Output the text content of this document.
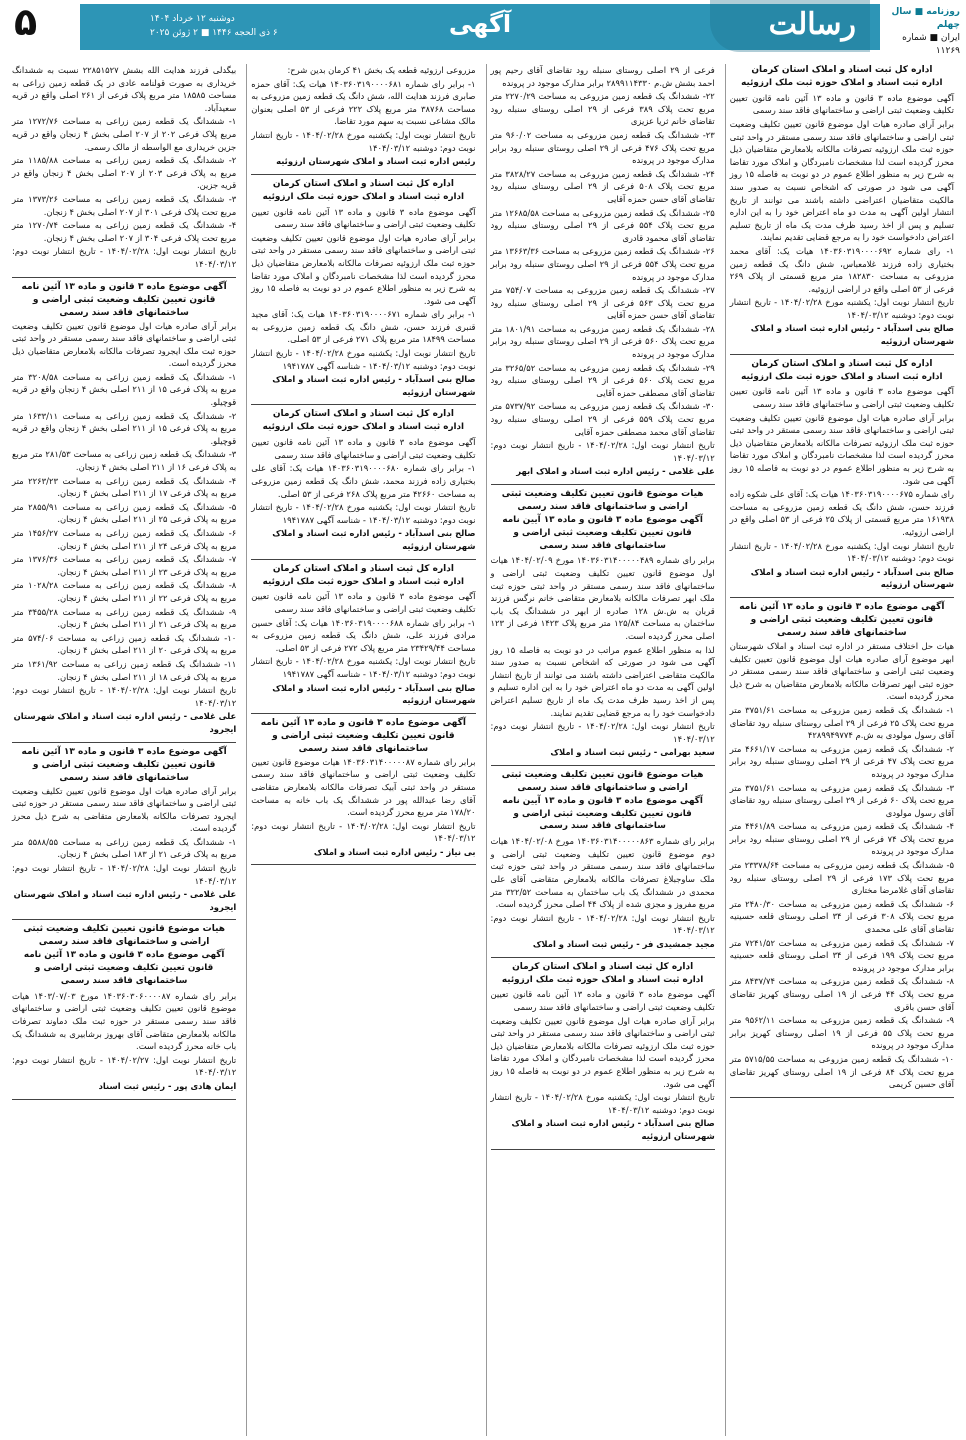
روزنامه ■ سال چهلم
ایران ■ شماره ۱۱۲۶۹
رسالت
آگهی
دوشنبه ۱۲ خرداد ۱۴۰۴
۶ ذی الحجه ۱۴۴۶ ■ ۲ ژوئن ۲۰۲۵
۵
اداره کل ثبت اسناد و املاک استان کرمان
اداره ثبت اسناد و املاک حوزه ثبت ملک ارزوئیه

آگهی موضوع ماده ۳ قانون و ماده ۱۳ آئین نامه قانون تعیین تکلیف وضعیت ثبتی اراضی و ساختمانهای فاقد سند رسمی

برابر آرای صادره هیات اول موضوع قانون تعیین تکلیف وضعیت ثبتی اراضی و ساختمانهای فاقد سند رسمی مستقر در واحد ثبتی حوزه ثبت ملک ارزوئیه تصرفات مالکانه بلامعارض متقاضیان ذیل محرز گردیده است لذا مشخصات نامبردگان و املاک مورد تقاضا به شرح زیر به منظور اطلاع عموم در دو نوبت به فاصله ۱۵ روز آگهی می شود در صورتی که اشخاص نسبت به صدور سند مالکیت متقاضیان اعتراضی داشته باشند می توانند از تاریخ انتشار اولین آگهی به مدت دو ماه اعتراض خود را به این اداره تسلیم و پس از اخذ رسید ظرف مدت یک ماه از تاریخ تسلیم اعتراض دادخواست خود را به مرجع قضایی تقدیم نمایند.

۱- رای شماره ۱۴۰۳۶۰۳۱۹۰۰۰۰۶۹۲ هیات یک: آقای محمد بختیاری زاده فرزند غلامعباس، شش دانگ یک قطعه زمین مزروعی به مساحت ۱۸۲۸۳۰ متر مربع قسمتی از پلاک ۲۶۹ فرعی از ۵۳ اصلی واقع در اراضی ارزوئیه.

تاریخ انتشار نوبت اول: یکشنبه مورخ ۱۴۰۴/۰۲/۲۸ - تاریخ انتشار نوبت دوم: دوشنبه ۱۴۰۴/۰۳/۱۲

صالح بنی اسدآباد - رئیس اداره ثبت اسناد و املاک شهرستان ارزوئیه
اداره کل ثبت اسناد و املاک استان کرمان
اداره ثبت اسناد و املاک حوزه ثبت ملک ارزوئیه

آگهی موضوع ماده ۳ قانون و ماده ۱۳ آئین نامه قانون تعیین تکلیف وضعیت ثبتی اراضی و ساختمانهای فاقد سند رسمی

برابر آرای صادره هیات اول موضوع قانون تعیین تکلیف وضعیت ثبتی اراضی و ساختمانهای فاقد سند رسمی مستقر در واحد ثبتی حوزه ثبت ملک ارزوئیه تصرفات مالکانه بلامعارض متقاضیان ذیل محرز گردیده است لذا مشخصات نامبردگان و املاک مورد تقاضا به شرح زیر به منظور اطلاع عموم در دو نوبت به فاصله ۱۵ روز آگهی می شود.

رای شماره ۱۴۰۳۶۰۳۱۹۰۰۰۰۶۷۵ هیات یک: آقای علی شکوه زاده فرزند حسن، شش دانگ یک قطعه زمین مزروعی به مساحت ۱۶۱۹۳۸ متر مربع قسمتی از پلاک ۲۵ فرعی از ۵۳ اصلی واقع در اراضی ارزوئیه.

تاریخ انتشار نوبت اول: یکشنبه مورخ ۱۴۰۴/۰۲/۲۸ - تاریخ انتشار نوبت دوم: دوشنبه ۱۴۰۴/۰۳/۱۲

صالح بنی اسدآباد - رئیس اداره ثبت اسناد و املاک شهرستان ارزوئیه
آگهی موضوع ماده ۳ قانون و ماده ۱۳ آئین نامه قانون تعیین تکلیف وضعیت ثبتی اراضی و ساختمانهای فاقد سند رسمی

هیات حل اختلاف مستقر در اداره ثبت اسناد و املاک شهرستان ابهر موضوع آرای صادره هیات اول موضوع قانون تعیین تکلیف وضعیت ثبتی اراضی و ساختمانهای فاقد سند رسمی مستقر در حوزه ثبتی ابهر تصرفات مالکانه بلامعارض متقاضیان به شرح ذیل محرز گردیده است.

۱- ششدانگ یک قطعه زمین مزروعی به مساحت ۳۷۵۱/۶۱ متر مربع تحت پلاک ۲۵ فرعی از ۲۹ اصلی روستای سنبله رود تقاضای آقای رسول مولودی به ش.م ۴۲۸۹۹۴۹۷۷۴

۲- ششدانگ یک قطعه زمین مزروعی به مساحت ۴۶۶۱/۱۷ متر مربع تحت پلاک ۴۷ فرعی از ۲۹ اصلی روستای سنبله رود برابر مدارک موجود در پرونده

۳- ششدانگ یک قطعه زمین مزروعی به مساحت ۳۷۵۱/۶۱ متر مربع تحت پلاک ۶۰ فرعی از ۲۹ اصلی روستای سنبله رود تقاضای آقای رسول مولودی

۴- ششدانگ یک قطعه زمین مزروعی به مساحت ۴۴۶۱/۸۹ متر مربع تحت پلاک ۷۴ فرعی از ۲۹ اصلی روستای سنبله رود برابر مدارک موجود در پرونده

۵- ششدانگ یک قطعه زمین مزروعی به مساحت ۲۳۳۷۸/۶۴ متر مربع تحت پلاک ۱۷۳ فرعی از ۲۹ اصلی روستای سنبله رود تقاضای آقای غلامرضا مختاری

۶- ششدانگ یک قطعه زمین مزروعی به مساحت ۲۴۸۰/۳۰ متر مربع تحت پلاک ۳۰۸ فرعی از ۳۴ اصلی روستای قلعه حسینیه تقاضای آقای علی محمدی

۷- ششدانگ یک قطعه زمین مزروعی به مساحت ۷۲۴۱/۵۲ متر مربع تحت پلاک ۱۹۹ فرعی از ۳۴ اصلی روستای قلعه حسینیه برابر مدارک موجود در پرونده

۸- ششدانگ یک قطعه زمین مزروعی به مساحت ۸۴۳۷/۷۴ متر مربع تحت پلاک ۴۴ فرعی از ۱۹ اصلی روستای کهریز تقاضای آقای حسن باقری

۹- ششدانگ یک قطعه زمین مزروعی به مساحت ۹۵۶۲/۱۱ متر مربع تحت پلاک ۵۵ فرعی از ۱۹ اصلی روستای کهریز برابر مدارک موجود در پرونده

۱۰- ششدانگ یک قطعه زمین مزروعی به مساحت ۵۷۱۵/۵۵ متر مربع تحت پلاک ۸۴ فرعی از ۱۹ اصلی روستای کهریز تقاضای آقای حسین کریمی

فرعی از ۲۹ اصلی روستای سنبله رود تقاضای آقای رحیم پور احمد بشش ش.م ۲۸۹۹۱۱۴۳۳۰ برابر مدارک موجود در پرونده

۲۲- ششدانگ یک قطعه زمین مزروعی به مساحت ۲۲۷۰/۲۹ متر مربع تحت پلاک ۳۸۹ فرعی از ۲۹ اصلی روستای سنبله رود تقاضای خانم ثریا عزیزی

۲۳- ششدانگ یک قطعه زمین مزروعی به مساحت ۹۶۰/۰۲ متر مربع تحت پلاک ۴۷۶ فرعی از ۲۹ اصلی روستای سنبله رود برابر مدارک موجود در پرونده

۲۴- ششدانگ یک قطعه زمین مزروعی به مساحت ۳۸۲۸/۲۷ متر مربع تحت پلاک ۵۰۸ فرعی از ۲۹ اصلی روستای سنبله رود تقاضای آقای حسن حمزه آقایی

۲۵- ششدانگ یک قطعه زمین مزروعی به مساحت ۱۲۶۸۵/۵۸ متر مربع تحت پلاک ۵۵۴ فرعی از ۲۹ اصلی روستای سنبله رود تقاضای آقای محمود قادری

۲۶- ششدانگ یک قطعه زمین مزروعی به مساحت ۱۳۶۶۳/۳۶ متر مربع تحت پلاک ۵۵۴ فرعی از ۲۹ اصلی روستای سنبله رود برابر مدارک موجود در پرونده

۲۷- ششدانگ یک قطعه زمین مزروعی به مساحت ۷۵۴/۰۷ متر مربع تحت پلاک ۵۶۳ فرعی از ۲۹ اصلی روستای سنبله رود تقاضای آقای حسن حمزه آقایی

۲۸- ششدانگ یک قطعه زمین مزروعی به مساحت ۱۸۰۱/۹۱ متر مربع تحت پلاک ۵۶۰ فرعی از ۲۹ اصلی روستای سنبله رود برابر مدارک موجود در پرونده

۲۹- ششدانگ یک قطعه زمین مزروعی به مساحت ۳۲۶۵/۵۲ متر مربع تحت پلاک ۵۶۰ فرعی از ۲۹ اصلی روستای سنبله رود تقاضای آقای مصطفی حمزه آقایی

۳۰- ششدانگ یک قطعه زمین مزروعی به مساحت ۵۷۳۷/۹۲ متر مربع تحت پلاک ۵۵۹ فرعی از ۲۹ اصلی روستای سنبله رود تقاضای آقای محمد مصطفی حمزه آقایی

تاریخ انتشار نوبت اول: ۱۴۰۴/۰۲/۲۸ - تاریخ انتشار نوبت دوم: ۱۴۰۴/۰۳/۱۲

علی غلامی - رئیس اداره ثبت اسناد و املاک ابهر
هیات موضوع قانون تعیین تکلیف وضعیت ثبتی اراضی و ساختمانهای فاقد سند رسمی
آگهی موضوع ماده ۳ قانون و ماده ۱۳ آیین نامه قانون تعیین تکلیف وضعیت ثبتی اراضی و ساختمانهای فاقد سند رسمی

برابر رای شماره ۱۴۰۳۶۰۳۱۴۰۰۰۰۰۴۸۹ مورخ ۱۴۰۴/۰۲/۰۹ هیات اول موضوع قانون تعیین تکلیف وضعیت ثبتی اراضی و ساختمانهای فاقد سند رسمی مستقر در واحد ثبتی حوزه ثبت ملک ابهر تصرفات مالکانه بلامعارض متقاضی خانم نرگس فرزند قربان به ش.ش ۱۲۸ صادره از ابهر در ششدانگ یک باب ساختمان به مساحت ۱۲۵/۸۴ متر مربع پلاک ۱۴۲۳ فرعی از ۱۲۳ اصلی محرز گردیده است.

لذا به منظور اطلاع عموم مراتب در دو نوبت به فاصله ۱۵ روز آگهی می شود در صورتی که اشخاص نسبت به صدور سند مالکیت متقاضی اعتراضی داشته باشند می توانند از تاریخ انتشار اولین آگهی به مدت دو ماه اعتراض خود را به این اداره تسلیم و پس از اخذ رسید ظرف مدت یک ماه از تاریخ تسلیم اعتراض دادخواست خود را به مرجع قضایی تقدیم نمایند.

تاریخ انتشار نوبت اول: ۱۴۰۴/۰۲/۲۸ - تاریخ انتشار نوبت دوم: ۱۴۰۴/۰۳/۱۲

سعید بهرامی - رئیس ثبت اسناد و املاک
هیات موضوع قانون تعیین تکلیف وضعیت ثبتی اراضی و ساختمانهای فاقد سند رسمی
آگهی موضوع ماده ۳ قانون و ماده ۱۳ آیین نامه قانون تعیین تکلیف وضعیت ثبتی اراضی و ساختمانهای فاقد سند رسمی

برابر رای شماره ۱۴۰۳۶۰۳۱۴۰۰۰۰۰۸۶۳ مورخ ۱۴۰۴/۰۲/۰۸ هیات دوم موضوع قانون تعیین تکلیف وضعیت ثبتی اراضی و ساختمانهای فاقد سند رسمی مستقر در واحد ثبتی حوزه ثبت ملک ساوجبلاغ تصرفات مالکانه بلامعارض متقاضی آقای علی محمدی در ششدانگ یک باب ساختمان به مساحت ۳۲۲/۵۲ متر مربع مفروز و مجزی شده از پلاک ۴۴ اصلی محرز گردیده است.

تاریخ انتشار نوبت اول: ۱۴۰۴/۰۲/۲۸ - تاریخ انتشار نوبت دوم: ۱۴۰۴/۰۳/۱۲

مجید جمشیدی فر - رئیس ثبت اسناد و املاک
اداره کل ثبت اسناد و املاک استان کرمان
اداره ثبت اسناد و املاک حوزه ثبت ملک ارزوئیه

آگهی موضوع ماده ۳ قانون و ماده ۱۳ آئین نامه قانون تعیین تکلیف وضعیت ثبتی اراضی و ساختمانهای فاقد سند رسمی

برابر آرای صادره هیات اول موضوع قانون تعیین تکلیف وضعیت ثبتی اراضی و ساختمانهای فاقد سند رسمی مستقر در واحد ثبتی حوزه ثبت ملک ارزوئیه تصرفات مالکانه بلامعارض متقاضیان ذیل محرز گردیده است لذا مشخصات نامبردگان و املاک مورد تقاضا به شرح زیر به منظور اطلاع عموم در دو نوبت به فاصله ۱۵ روز آگهی می شود.

تاریخ انتشار نوبت اول: یکشنبه مورخ ۱۴۰۴/۰۲/۲۸ - تاریخ انتشار نوبت دوم: دوشنبه ۱۴۰۴/۰۳/۱۲

صالح بنی اسدآباد - رئیس اداره ثبت اسناد و املاک شهرستان ارزوئیه

مزروعی ارزوئیه قطعه یک بخش ۴۱ کرمان بدین شرح:

۱- برابر رای شماره ۱۴۰۳۶۰۳۱۹۰۰۰۰۶۸۱ هیات یک: آقای حمزه صابری فرزند هدایت الله، شش دانگ یک قطعه زمین مزروعی به مساحت ۳۸۷۶۸ متر مربع پلاک ۲۲۲ فرعی از ۵۳ اصلی بعنوان مالک مشاعی نسبت به سهم مورد تقاضا.

تاریخ انتشار نوبت اول: یکشنبه مورخ ۱۴۰۴/۰۲/۲۸ - تاریخ انتشار نوبت دوم: دوشنبه ۱۴۰۴/۰۳/۱۲

رئیس اداره ثبت اسناد و املاک شهرستان ارزوئیه
اداره کل ثبت اسناد و املاک استان کرمان
اداره ثبت اسناد و املاک حوزه ثبت ملک ارزوئیه

آگهی موضوع ماده ۳ قانون و ماده ۱۳ آئین نامه قانون تعیین تکلیف وضعیت ثبتی اراضی و ساختمانهای فاقد سند رسمی

برابر آرای صادره هیات اول موضوع قانون تعیین تکلیف وضعیت ثبتی اراضی و ساختمانهای فاقد سند رسمی مستقر در واحد ثبتی حوزه ثبت ملک ارزوئیه تصرفات مالکانه بلامعارض متقاضیان ذیل محرز گردیده است لذا مشخصات نامبردگان و املاک مورد تقاضا به شرح زیر به منظور اطلاع عموم در دو نوبت به فاصله ۱۵ روز آگهی می شود.

۱- برابر رای شماره ۱۴۰۳۶۰۳۱۹۰۰۰۰۶۷۱ هیات یک: آقای مجید قنبری فرزند حسن، شش دانگ یک قطعه زمین مزروعی به مساحت ۱۸۴۹۹ متر مربع پلاک ۲۷۱ فرعی از ۵۳ اصلی.

تاریخ انتشار نوبت اول: یکشنبه مورخ ۱۴۰۴/۰۲/۲۸ - تاریخ انتشار نوبت دوم: دوشنبه ۱۴۰۴/۰۳/۱۲ - شناسه آگهی ۱۹۴۱۷۸۷

صالح بنی اسدآباد - رئیس اداره ثبت اسناد و املاک شهرستان ارزوئیه
اداره کل ثبت اسناد و املاک استان کرمان
اداره ثبت اسناد و املاک حوزه ثبت ملک ارزوئیه

آگهی موضوع ماده ۳ قانون و ماده ۱۳ آئین نامه قانون تعیین تکلیف وضعیت ثبتی اراضی و ساختمانهای فاقد سند رسمی

۱- برابر رای شماره ۱۴۰۳۶۰۳۱۹۰۰۰۰۶۸۰ هیات یک: آقای علی بختیاری زاده فرزند محمد، شش دانگ یک قطعه زمین مزروعی به مساحت ۴۲۶۶۰ متر مربع پلاک ۲۶۸ فرعی از ۵۳ اصلی.

تاریخ انتشار نوبت اول: یکشنبه مورخ ۱۴۰۴/۰۲/۲۸ - تاریخ انتشار نوبت دوم: دوشنبه ۱۴۰۴/۰۳/۱۲ - شناسه آگهی ۱۹۴۱۷۸۷

صالح بنی اسدآباد - رئیس اداره ثبت اسناد و املاک شهرستان ارزوئیه
اداره کل ثبت اسناد و املاک استان کرمان
اداره ثبت اسناد و املاک حوزه ثبت ملک ارزوئیه

آگهی موضوع ماده ۳ قانون و ماده ۱۳ آئین نامه قانون تعیین تکلیف وضعیت ثبتی اراضی و ساختمانهای فاقد سند رسمی

۱- برابر رای شماره ۱۴۰۳۶۰۳۱۹۰۰۰۰۶۸۸ هیات یک: آقای حسین مرادی فرزند علی، شش دانگ یک قطعه زمین مزروعی به مساحت ۲۳۴۲۹/۴۴ متر مربع پلاک ۲۷۲ فرعی از ۵۳ اصلی.

تاریخ انتشار نوبت اول: یکشنبه مورخ ۱۴۰۴/۰۲/۲۸ - تاریخ انتشار نوبت دوم: دوشنبه ۱۴۰۴/۰۳/۱۲ - شناسه آگهی ۱۹۴۱۷۸۷

صالح بنی اسدآباد - رئیس اداره ثبت اسناد و املاک شهرستان ارزوئیه
آگهی موضوع ماده ۳ قانون و ماده ۱۳ آئین نامه قانون تعیین تکلیف وضعیت ثبتی اراضی و ساختمانهای فاقد سند رسمی

برابر رای شماره ۱۴۰۳۶۰۳۱۴۰۰۰۰۰۸۷ هیات موضوع قانون تعیین تکلیف وضعیت ثبتی اراضی و ساختمانهای فاقد سند رسمی مستقر در واحد ثبتی آبیک تصرفات مالکانه بلامعارض متقاضی آقای رضا عبدالله پور در ششدانگ یک باب خانه به مساحت ۱۷۸/۲۰ متر مربع محرز گردیده است.

تاریخ انتشار نوبت اول: ۱۴۰۴/۰۲/۲۸ - تاریخ انتشار نوبت دوم: ۱۴۰۴/۰۳/۱۲

بی نیاز - رئیس اداره ثبت اسناد و املاک

بیگدلی فرزند هدایت الله بشش ۲۲۸۵۱۵۲۷ نسبت به ششدانگ خریداری به صورت قولنامه عادی در یک قطعه زمین زراعی به مساحت ۱۸۵۸۵ متر مربع پلاک فرعی از ۲۶۱ اصلی واقع در قریه سعیدآباد.

۱- ششدانگ یک قطعه زمین زراعی به مساحت ۱۲۷۲/۷۶ متر مربع پلاک فرعی ۲۰۲ از ۲۰۷ اصلی بخش ۴ زنجان واقع در قریه جزین خریداری مع الواسطه از مالک رسمی.

۲- ششدانگ یک قطعه زمین زراعی به مساحت ۱۱۸۵/۸۸ متر مربع به پلاک فرعی ۲۰۳ از ۲۰۷ اصلی بخش ۴ زنجان واقع در قریه جزین.

۳- ششدانگ یک قطعه زمین زراعی به مساحت ۱۳۷۳/۲۶ متر مربع تحت پلاک فرعی ۳۰۱ از ۲۰۷ اصلی بخش ۴ زنجان.

۴- ششدانگ یک قطعه زمین زراعی به مساحت ۱۲۷۰/۷۴ متر مربع تحت پلاک فرعی ۳۰۴ از ۲۰۷ اصلی بخش ۴ زنجان.

تاریخ انتشار نوبت اول: ۱۴۰۴/۰۲/۲۸ - تاریخ انتشار نوبت دوم: ۱۴۰۴/۰۳/۱۲

آگهی موضوع ماده ۳ قانون و ماده ۱۳ آئین نامه قانون تعیین تکلیف وضعیت ثبتی اراضی و ساختمانهای فاقد سند رسمی

برابر آرای صادره هیات اول موضوع قانون تعیین تکلیف وضعیت ثبتی اراضی و ساختمانهای فاقد سند رسمی مستقر در واحد ثبتی حوزه ثبت ملک ایجرود تصرفات مالکانه بلامعارض متقاضیان ذیل محرز گردیده است.

۱- ششدانگ یک قطعه زمین زراعی به مساحت ۳۲۰۸/۵۸ متر مربع به پلاک فرعی ۱۵ از ۲۱۱ اصلی بخش ۴ زنجان واقع در قریه قوچیلو.

۲- ششدانگ یک قطعه زمین زراعی به مساحت ۱۶۳۳/۱۱ متر مربع به پلاک فرعی ۱۵ از ۲۱۱ اصلی بخش ۴ زنجان واقع در قریه قوچیلو.

۳- ششدانگ یک قطعه زمین زراعی به مساحت ۲۸۱/۵۳ متر مربع به پلاک فرعی ۱۶ از ۲۱۱ اصلی بخش ۴ زنجان.

۴- ششدانگ یک قطعه زمین زراعی به مساحت ۲۲۶۳/۲۳ متر مربع به پلاک فرعی ۱۷ از ۲۱۱ اصلی بخش ۴ زنجان.

۵- ششدانگ یک قطعه زمین زراعی به مساحت ۲۸۵۵/۹۱ متر مربع به پلاک فرعی ۲۵ از ۲۱۱ اصلی بخش ۴ زنجان.

۶- ششدانگ یک قطعه زمین زراعی به مساحت ۱۴۵۶/۲۷ متر مربع به پلاک فرعی ۲۴ از ۲۱۱ اصلی بخش ۴ زنجان.

۷- ششدانگ یک قطعه زمین زراعی به مساحت ۱۳۷۶/۳۶ متر مربع به پلاک فرعی ۲۳ از ۲۱۱ اصلی بخش ۴ زنجان.

۸- ششدانگ یک قطعه زمین زراعی به مساحت ۱۰۲۸/۲۸ متر مربع به پلاک فرعی ۲۲ از ۲۱۱ اصلی بخش ۴ زنجان.

۹- ششدانگ یک قطعه زمین زراعی به مساحت ۳۴۵۵/۲۸ متر مربع به پلاک فرعی ۲۱ از ۲۱۱ اصلی بخش ۴ زنجان.

۱۰- ششدانگ یک قطعه زمین زراعی به مساحت ۵۷۴/۰۶ متر مربع به پلاک فرعی ۲۰ از ۲۱۱ اصلی بخش ۴ زنجان.

۱۱- ششدانگ یک قطعه زمین زراعی به مساحت ۱۳۶۱/۹۲ متر مربع به پلاک فرعی ۱۸ از ۲۱۱ اصلی بخش ۴ زنجان.

تاریخ انتشار نوبت اول: ۱۴۰۴/۰۲/۲۸ - تاریخ انتشار نوبت دوم: ۱۴۰۴/۰۳/۱۲

علی غلامی - رئیس اداره ثبت اسناد و املاک شهرستان ایجرود
آگهی موضوع ماده ۳ قانون و ماده ۱۳ آئین نامه قانون تعیین تکلیف وضعیت ثبتی اراضی و ساختمانهای فاقد سند رسمی

برابر آرای صادره هیات اول موضوع قانون تعیین تکلیف وضعیت ثبتی اراضی و ساختمانهای فاقد سند رسمی مستقر در حوزه ثبتی ایجرود تصرفات مالکانه بلامعارض متقاضی به شرح ذیل محرز گردیده است.

۱- ششدانگ یک قطعه زمین زراعی به مساحت ۵۵۸۸/۵۵ متر مربع به پلاک فرعی ۲۱ از ۱۸۳ اصلی بخش ۴ زنجان.

تاریخ انتشار نوبت اول: ۱۴۰۴/۰۲/۲۸ - تاریخ انتشار نوبت دوم: ۱۴۰۴/۰۳/۱۲

علی غلامی - رئیس اداره ثبت اسناد و املاک شهرستان ایجرود
هیات موضوع قانون تعیین تکلیف وضعیت ثبتی اراضی و ساختمانهای فاقد سند رسمی
آگهی موضوع ماده ۳ قانون و ماده ۱۳ آئین نامه قانون تعیین تکلیف وضعیت ثبتی اراضی و ساختمانهای فاقد سند رسمی

برابر رای شماره ۱۴۰۳۶۰۳۰۶۰۰۰۰۸۷ مورخ ۱۴۰۳/۰۷/۰۳ هیات موضوع قانون تعیین تکلیف وضعیت ثبتی اراضی و ساختمانهای فاقد سند رسمی مستقر در حوزه ثبت ملک دماوند تصرفات مالکانه بلامعارض متقاضی آقای بهروز برشابیری به ششدانگ یک باب خانه محرز گردیده است.

تاریخ انتشار نوبت اول: ۱۴۰۴/۰۲/۲۷ - تاریخ انتشار نوبت دوم: ۱۴۰۴/۰۳/۱۲

ایمان هادی پور - رئیس ثبت اسناد
